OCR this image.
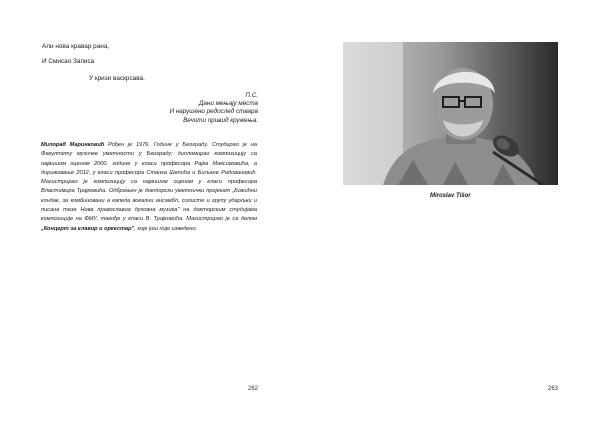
Али нова кравар рана,
И Смисао Записа
У кризи васкрсава.
П.С.
Дани мењају места
И нарушени редослед ствара
Вечити привид кружења.
Милорад Маринковић Рођен је 1976. Године у Београду. Студирао је на Факултету музичке уметности у Београду; дипломирао композицију са највишом оценом 2000. године у класи професора Рајка Максимовића, а дирижовање 2012, у класи професора Станка Шепића и Биљане Радовановић. Магистрирао је композицију са највишом оценом у класи професора Властимира Трајковића. Одбрањен је докторски уметнички пројекат „Божићни кондак, за комбиновани а капела вокални ансамбл, солисте и групу ударљки и писана теза Нова православна духовна музика" на докторским студијама композиције на ФМУ, такође у класи В. Трајковића. Магистрирао је са делом „Концерт за клавир и оркестар", које још није изведено.
262
Miroslav Tišor
263
